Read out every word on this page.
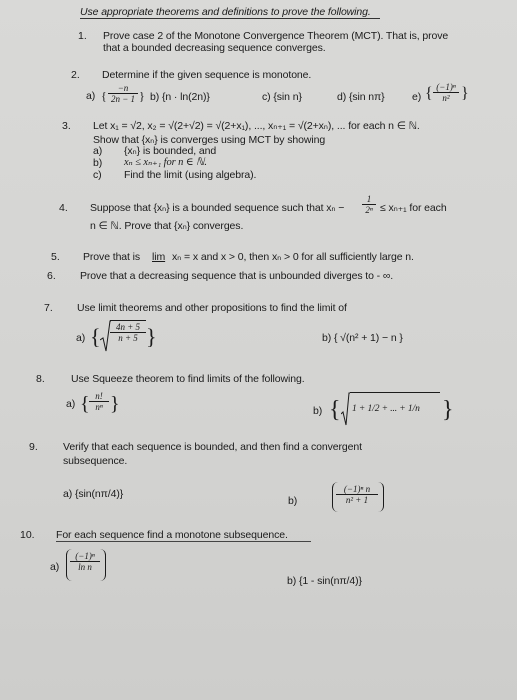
Use appropriate theorems and definitions to prove the following.
1. Prove case 2 of the Monotone Convergence Theorem (MCT). That is, prove
that a bounded decreasing sequence converges.
2. Determine if the given sequence is monotone.
a) { $\frac{-n}{2n - 1}$ } b) {n · ln(2n)}	c) {sin n}	d) {sin nπ}	e) { $\frac{\text{(−1)ⁿ}}{\text{n²}}$ }
3. Let x₁ = √2, x₂ = √(2+√2) = √(2+x₁), ..., xₙ₊₁ = √(2+xₙ), ... for each n ∈ ℕ.
Show that {xₙ} is converges using MCT by showing
a) {xₙ} is bounded, and
b) xₙ ≤ xₙ₊₁ for n ∈ ℕ.
c) Find the limit (using algebra).
4. Suppose that {xₙ} is a bounded sequence such that $x_n - \frac{1}{\text{2ⁿ}} \le x_{n+1}$ for each
n ∈ ℕ. Prove that {xₙ} converges.
5. Prove that is lim xₙ = x and x > 0, then xₙ > 0 for all sufficiently large n.
6. Prove that a decreasing sequence that is unbounded diverges to - ∞.
7. Use limit theorems and other propositions to find the limit of
a) { $\frac{4n + 5}{n + 5}$ }	b) { √(n² + 1) − n }
8. Use Squeeze theorem to find limits of the following.
a) { $\frac{n!}{\text{nⁿ}}$ }	b) { 1 + 1/2 + ... + 1/n }
9. Verify that each sequence is bounded, and then find a convergent
subsequence.
a) {sin(nπ/4)}
b)	$\frac{\text{(−1)ⁿ n}}{\text{n² + 1}}$
10. For each sequence find a monotone subsequence.
$a) \frac{\text{(−1)ⁿ}}{\text{ln n}}$
b) {1 - sin(nπ/4)}
